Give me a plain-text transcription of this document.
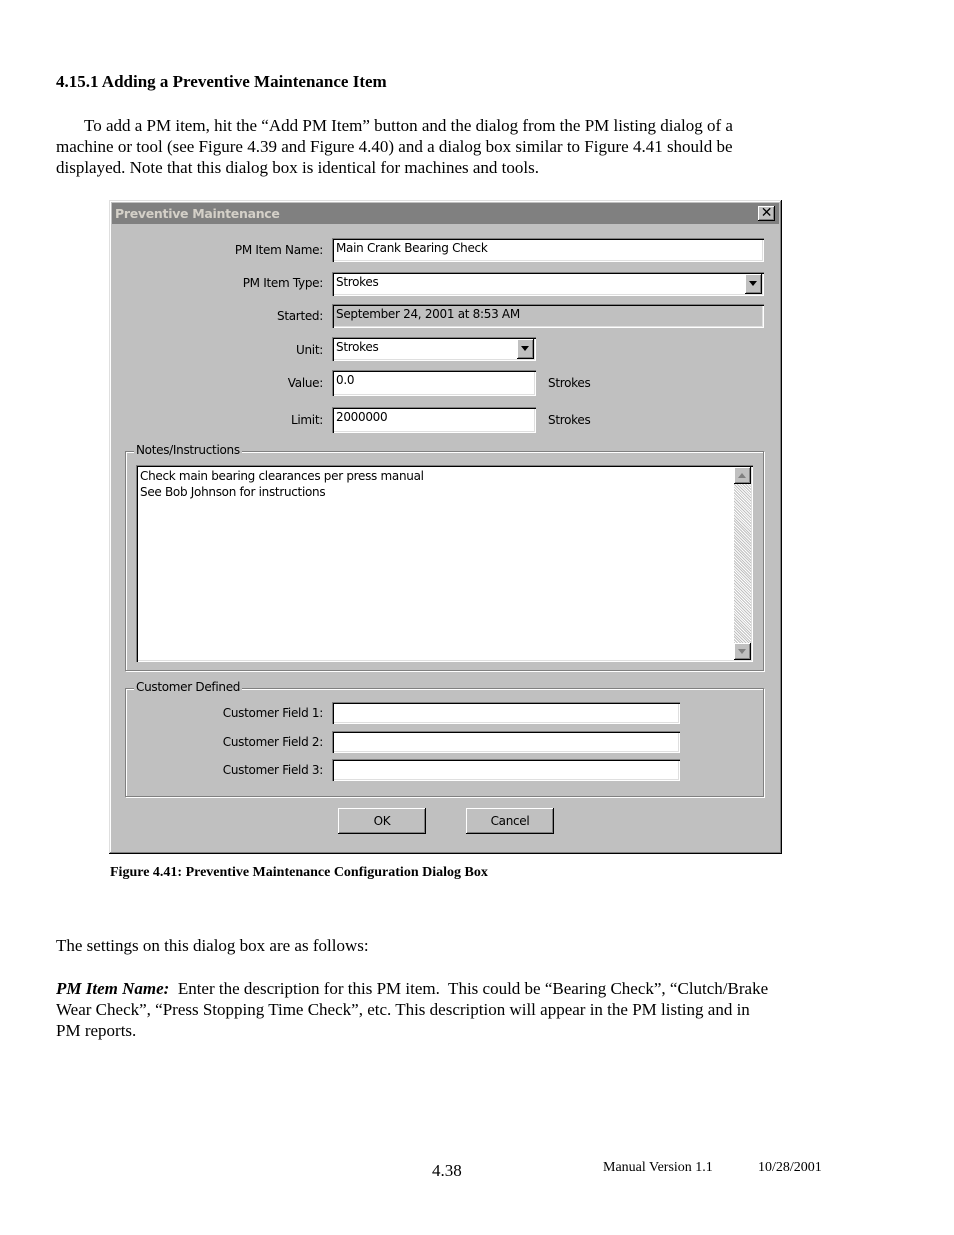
4.15.1 Adding a Preventive Maintenance Item
To add a PM item, hit the “Add PM Item” button and the dialog from the PM listing dialog of a
machine or tool (see Figure 4.39 and Figure 4.40) and a dialog box similar to Figure 4.41 should be
displayed. Note that this dialog box is identical for machines and tools.
Preventive Maintenance	✕
PM Item Name:	Main Crank Bearing Check
PM Item Type:	Strokes
Started:	September 24, 2001 at 8:53 AM
Unit:	Strokes
Value:	0.0	Strokes
Limit:	2000000	Strokes
Notes/Instructions
Check main bearing clearances per press manual
See Bob Johnson for instructions
Customer Defined
Customer Field 1:
Customer Field 2:
Customer Field 3:
OK	Cancel
Figure 4.41: Preventive Maintenance Configuration Dialog Box
The settings on this dialog box are as follows:
PM Item Name:  Enter the description for this PM item.  This could be “Bearing Check”, “Clutch/Brake
Wear Check”, “Press Stopping Time Check”, etc. This description will appear in the PM listing and in
PM reports.
4.38	Manual Version 1.1	10/28/2001
